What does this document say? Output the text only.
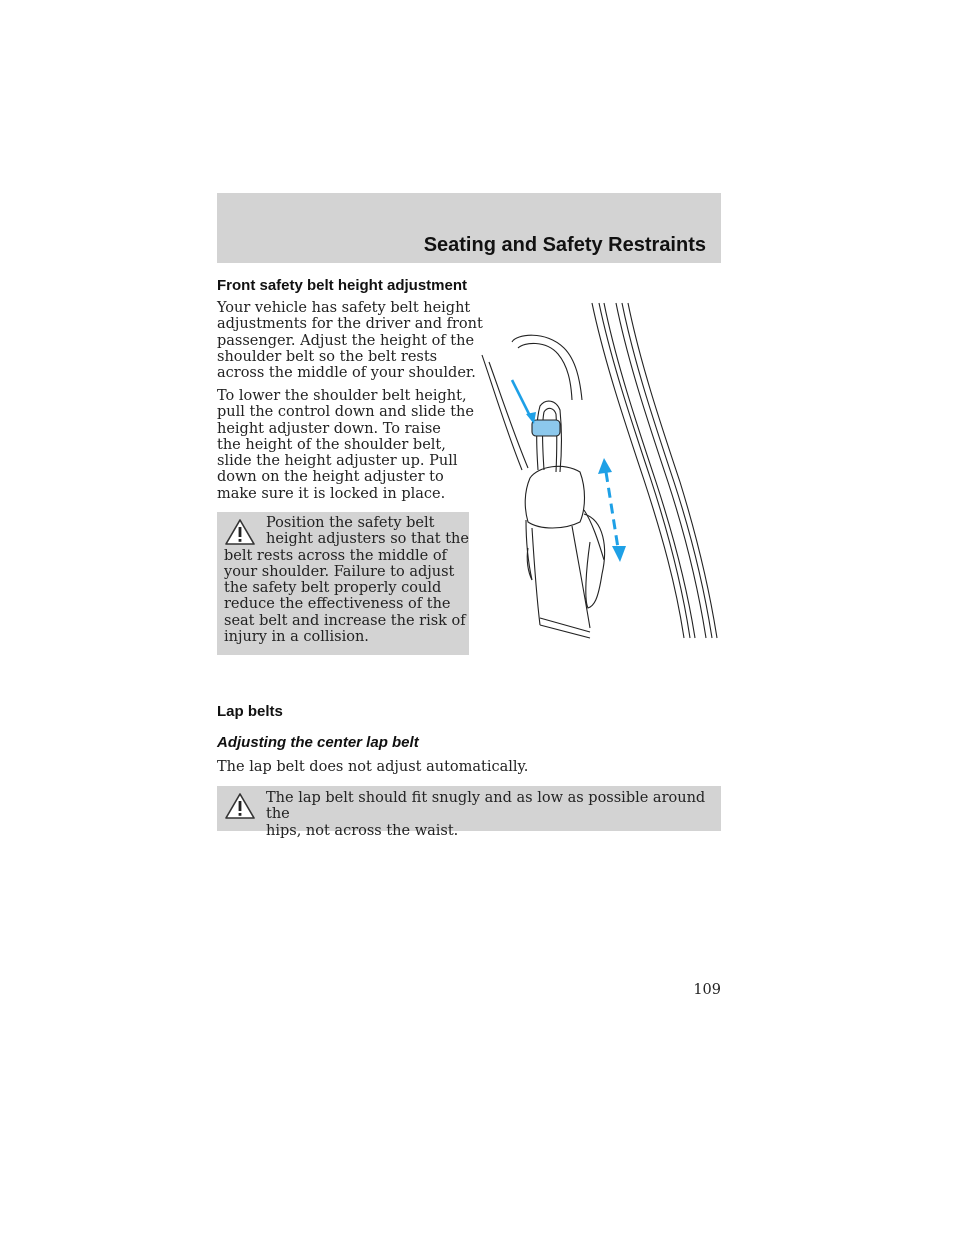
Seating and Safety Restraints
Front safety belt height adjustment
Your vehicle has safety belt height
adjustments for the driver and front
passenger. Adjust the height of the
shoulder belt so the belt rests
across the middle of your shoulder.
To lower the shoulder belt height,
pull the control down and slide the
height adjuster down. To raise
the height of the shoulder belt,
slide the height adjuster up. Pull
down on the height adjuster to
make sure it is locked in place.
Position the safety belt
height adjusters so that the
belt rests across the middle of
your shoulder. Failure to adjust
the safety belt properly could
reduce the effectiveness of the
seat belt and increase the risk of
injury in a collision.
Lap belts
Adjusting the center lap belt
The lap belt does not adjust automatically.
The lap belt should fit snugly and as low as possible around the
hips, not across the waist.
109
